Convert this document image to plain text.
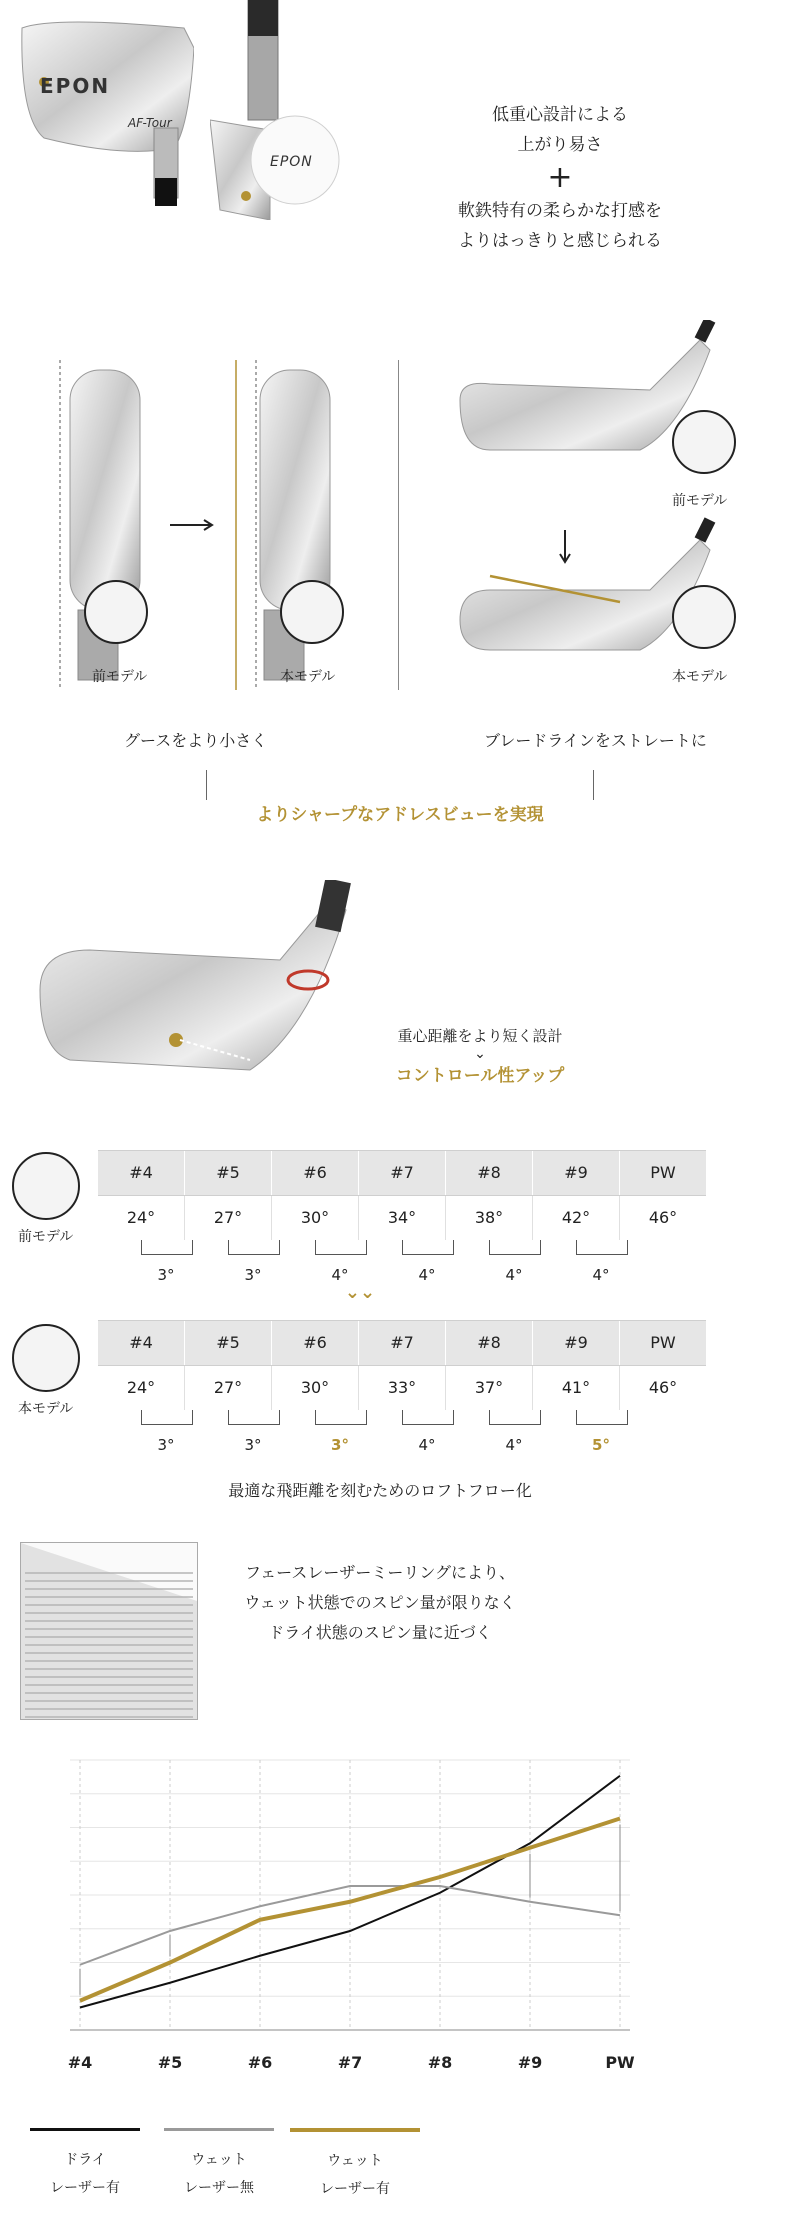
EPON
AF-Tour
EPON
低重心設計による
上がり易さ
+
軟鉄特有の柔らかな打感を
よりはっきりと感じられる
前モデル	本モデル
前モデル
本モデル
グースをより小さく	ブレードラインをストレートに
よりシャープなアドレスビューを実現
重心距離をより短く設計
⌄
コントロール性アップ
前モデル
#4	#5	#6	#7	#8	#9	PW
24°	27°	30°	34°	38°	42°	46°
3°	3°	4°	4°	4°	4°
⌄⌄
本モデル
#4	#5	#6	#7	#8	#9	PW
24°	27°	30°	33°	37°	41°	46°
3°	3°	3°	4°	4°	5°
最適な飛距離を刻むためのロフトフロー化
フェースレーザーミーリングにより、
ウェット状態でのスピン量が限りなく
ドライ状態のスピン量に近づく
#4	#5	#6	#7	#8	#9	PW
ドライ
レーザー有
ウェット
レーザー無
ウェット
レーザー有
